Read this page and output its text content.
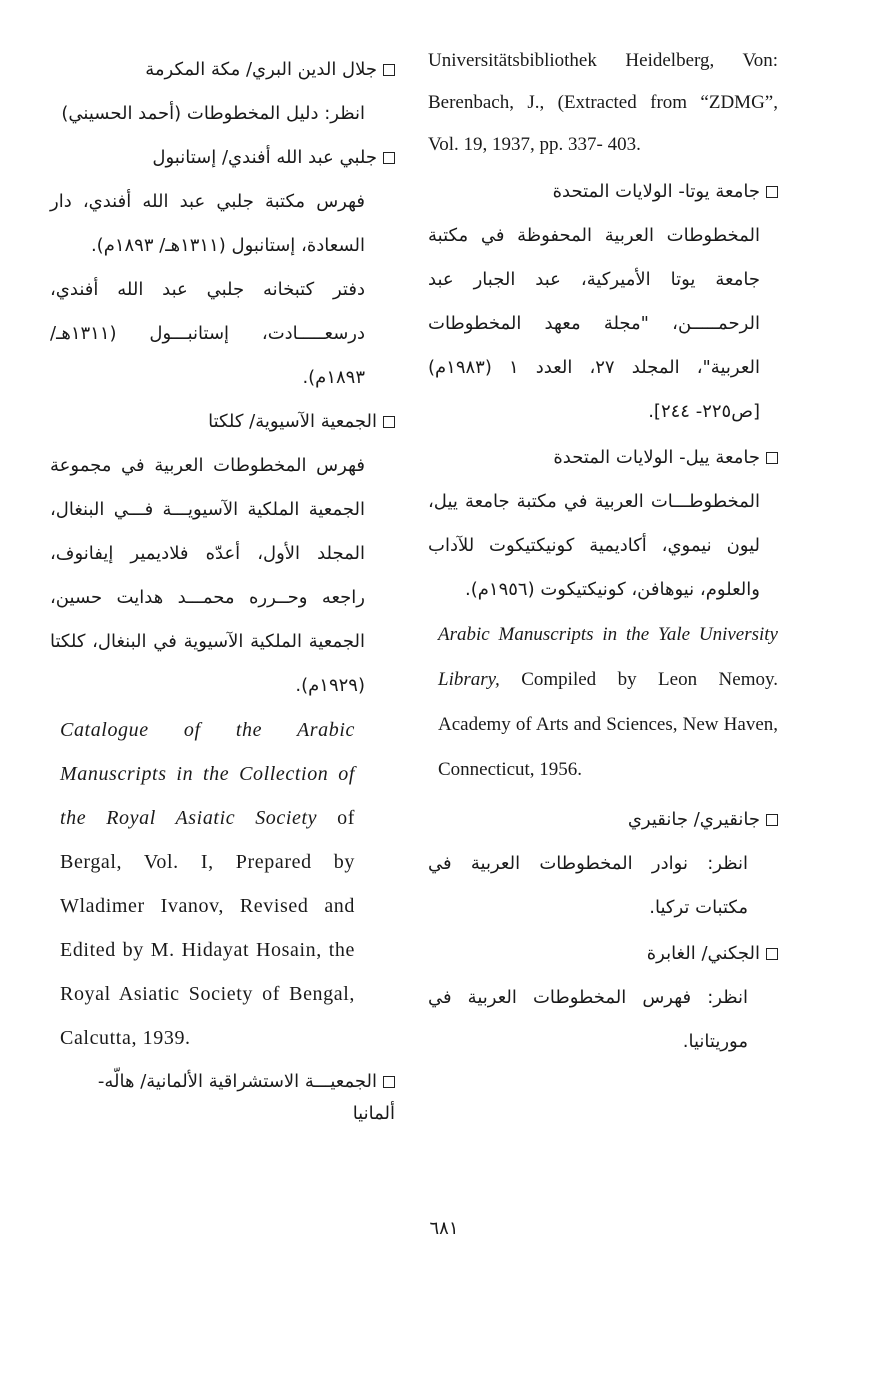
Universitätsbibliothek Heidelberg, Von: Berenbach, J., (Extracted from “ZDMG”, Vol. 19, 1937, pp. 337- 403.

جامعة يوتا- الولايات المتحدة

المخطوطات العربية المحفوظة في مكتبة جامعة يوتا الأميركية، عبد الجبار عبد الرحمـــــن، "مجلة معهد المخطوطات العربية"، المجلد ٢٧، العدد ١ (١٩٨٣م) [ص٢٢٥- ٢٤٤].

جامعة ييل- الولايات المتحدة

المخطوطـــات العربية في مكتبة جامعة ييل، ليون نيموي، أكاديمية كونيكتيكوت للآداب والعلوم، نيوهافن، كونيكتيكوت (١٩٥٦م).

Arabic Manuscripts in the Yale University Library, Compiled by Leon Nemoy. Academy of Arts and Sciences, New Haven, Connecticut, 1956.

جانقيري/ جانقيري

انظر: نوادر المخطوطات العربية في مكتبات تركيا.

الجكني/ الغابرة

انظر: فهرس المخطوطات العربية في موريتانيا.

جلال الدين البري/ مكة المكرمة

انظر: دليل المخطوطات (أحمد الحسيني)

جلبي عبد الله أفندي/ إستانبول

فهرس مكتبة جلبي عبد الله أفندي، دار السعادة، إستانبول (١٣١١هـ/ ١٨٩٣م).

دفتر كتبخانه جلبي عبد الله أفندي، درسعـــــادت، إستانبـــول (١٣١١هـ/ ١٨٩٣م).

الجمعية الآسيوية/ كلكتا

فهرس المخطوطات العربية في مجموعة الجمعية الملكية الآسيويـــة فـــي البنغال، المجلد الأول، أعدّه فلاديمير إيفانوف، راجعه وحــرره محمـــد هدايت حسين، الجمعية الملكية الآسيوية في البنغال، كلكتا (١٩٢٩م).

Catalogue of the Arabic Manuscripts in the Collection of the Royal Asiatic Society of Bergal, Vol. I, Prepared by Wladimer Ivanov, Revised and Edited by M. Hidayat Hosain, the Royal Asiatic Society of Bengal, Calcutta, 1939.

الجمعيـــة الاستشراقية الألمانية/ هالّه- ألمانيا
٦٨١
